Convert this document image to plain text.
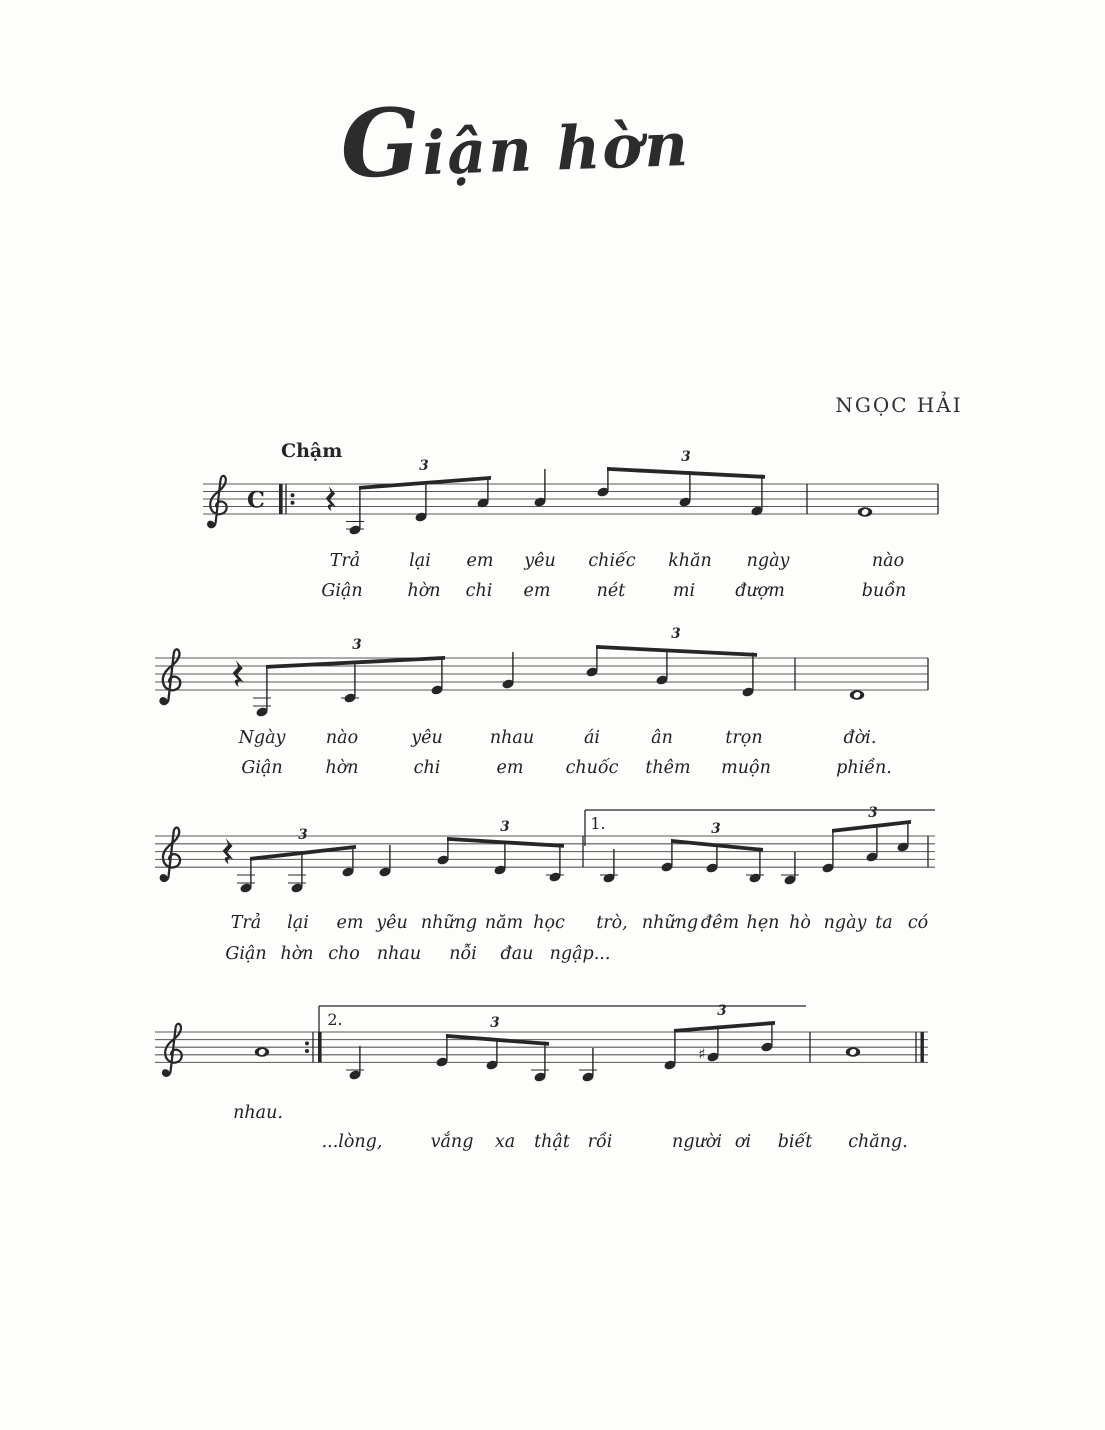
Giận hờn
NGỌC HẢI
Chậm
C
3
3
3
3
3	3	3
3
1.
3
3
♯
2.
Trả	lại em yêu chiếc khăn ngày	nào
Giận	hờn chi em	nét	mi đượm	buồn
Ngày nào	yêu	nhau	ái	ân	trọn	đời.
Giận hờn	chi	em chuốc thêm muộn	phiền.
Trả lại em yêu những năm học trò, những đêm hẹn hò ngày ta có
Giận hờn cho nhau nỗi đau ngập...
nhau.
...lòng,	vắng xa thật rồi	người ơi biết chăng.
